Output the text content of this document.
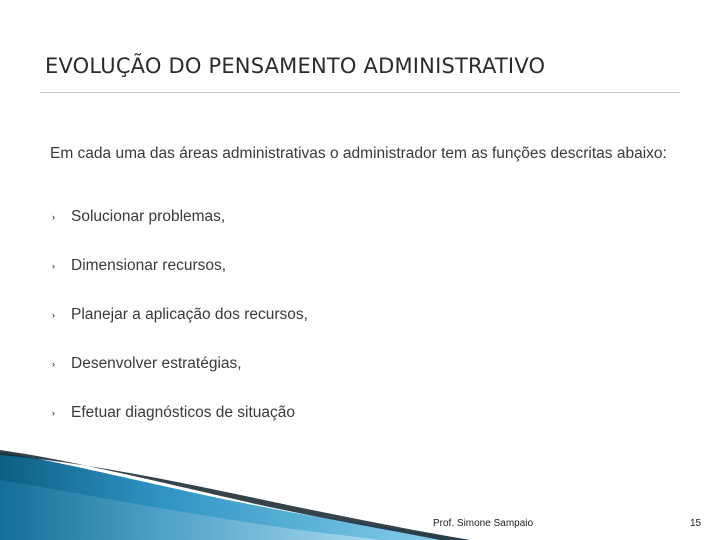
EVOLUÇÃO DO PENSAMENTO ADMINISTRATIVO
Em cada uma das áreas administrativas o administrador tem as funções descritas abaixo:
Solucionar problemas,
Dimensionar recursos,
Planejar a aplicação dos recursos,
Desenvolver estratégias,
Efetuar diagnósticos de situação
Prof. Simone Sampaio	15
